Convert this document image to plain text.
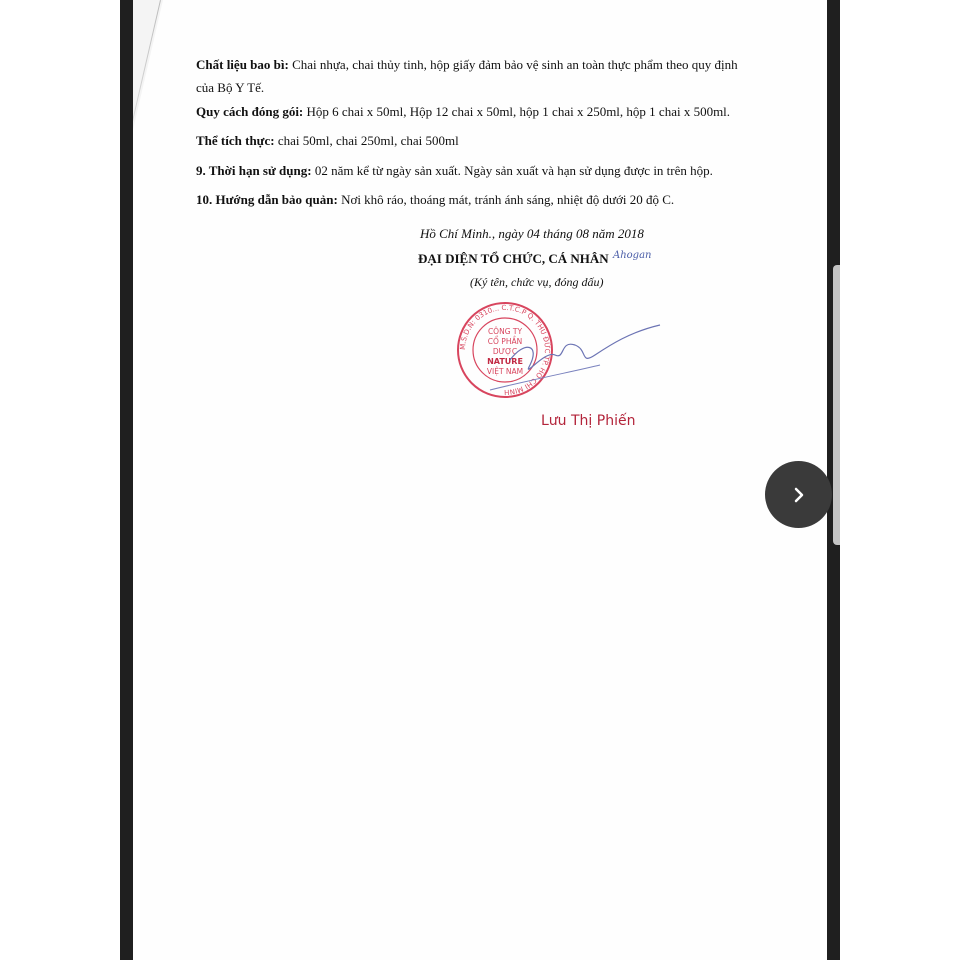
Chất liệu bao bì: Chai nhựa, chai thủy tinh, hộp giấy đảm bảo vệ sinh an toàn thực phẩm theo quy định
của Bộ Y Tế.
Quy cách đóng gói: Hộp 6 chai x 50ml, Hộp 12 chai x 50ml, hộp 1 chai x 250ml, hộp 1 chai x 500ml.
Thể tích thực: chai 50ml, chai 250ml, chai 500ml
9. Thời hạn sử dụng: 02 năm kể từ ngày sản xuất. Ngày sản xuất và hạn sử dụng được in trên hộp.
10. Hướng dẫn bảo quản: Nơi khô ráo, thoáng mát, tránh ánh sáng, nhiệt độ dưới 20 độ C.
Hồ Chí Minh., ngày 04 tháng 08 năm 2018
ĐẠI DIỆN TỔ CHỨC, CÁ NHÂN Ahogan
(Ký tên, chức vụ, đóng dấu)
M.S.D.N: 0310... C.T.C.P Q. THỦ ĐỨC TP. HỒ CHÍ MINH
CÔNG TY
CỔ PHẦN
DƯỢC
NATURE
VIỆT NAM
Lưu Thị Phiến
